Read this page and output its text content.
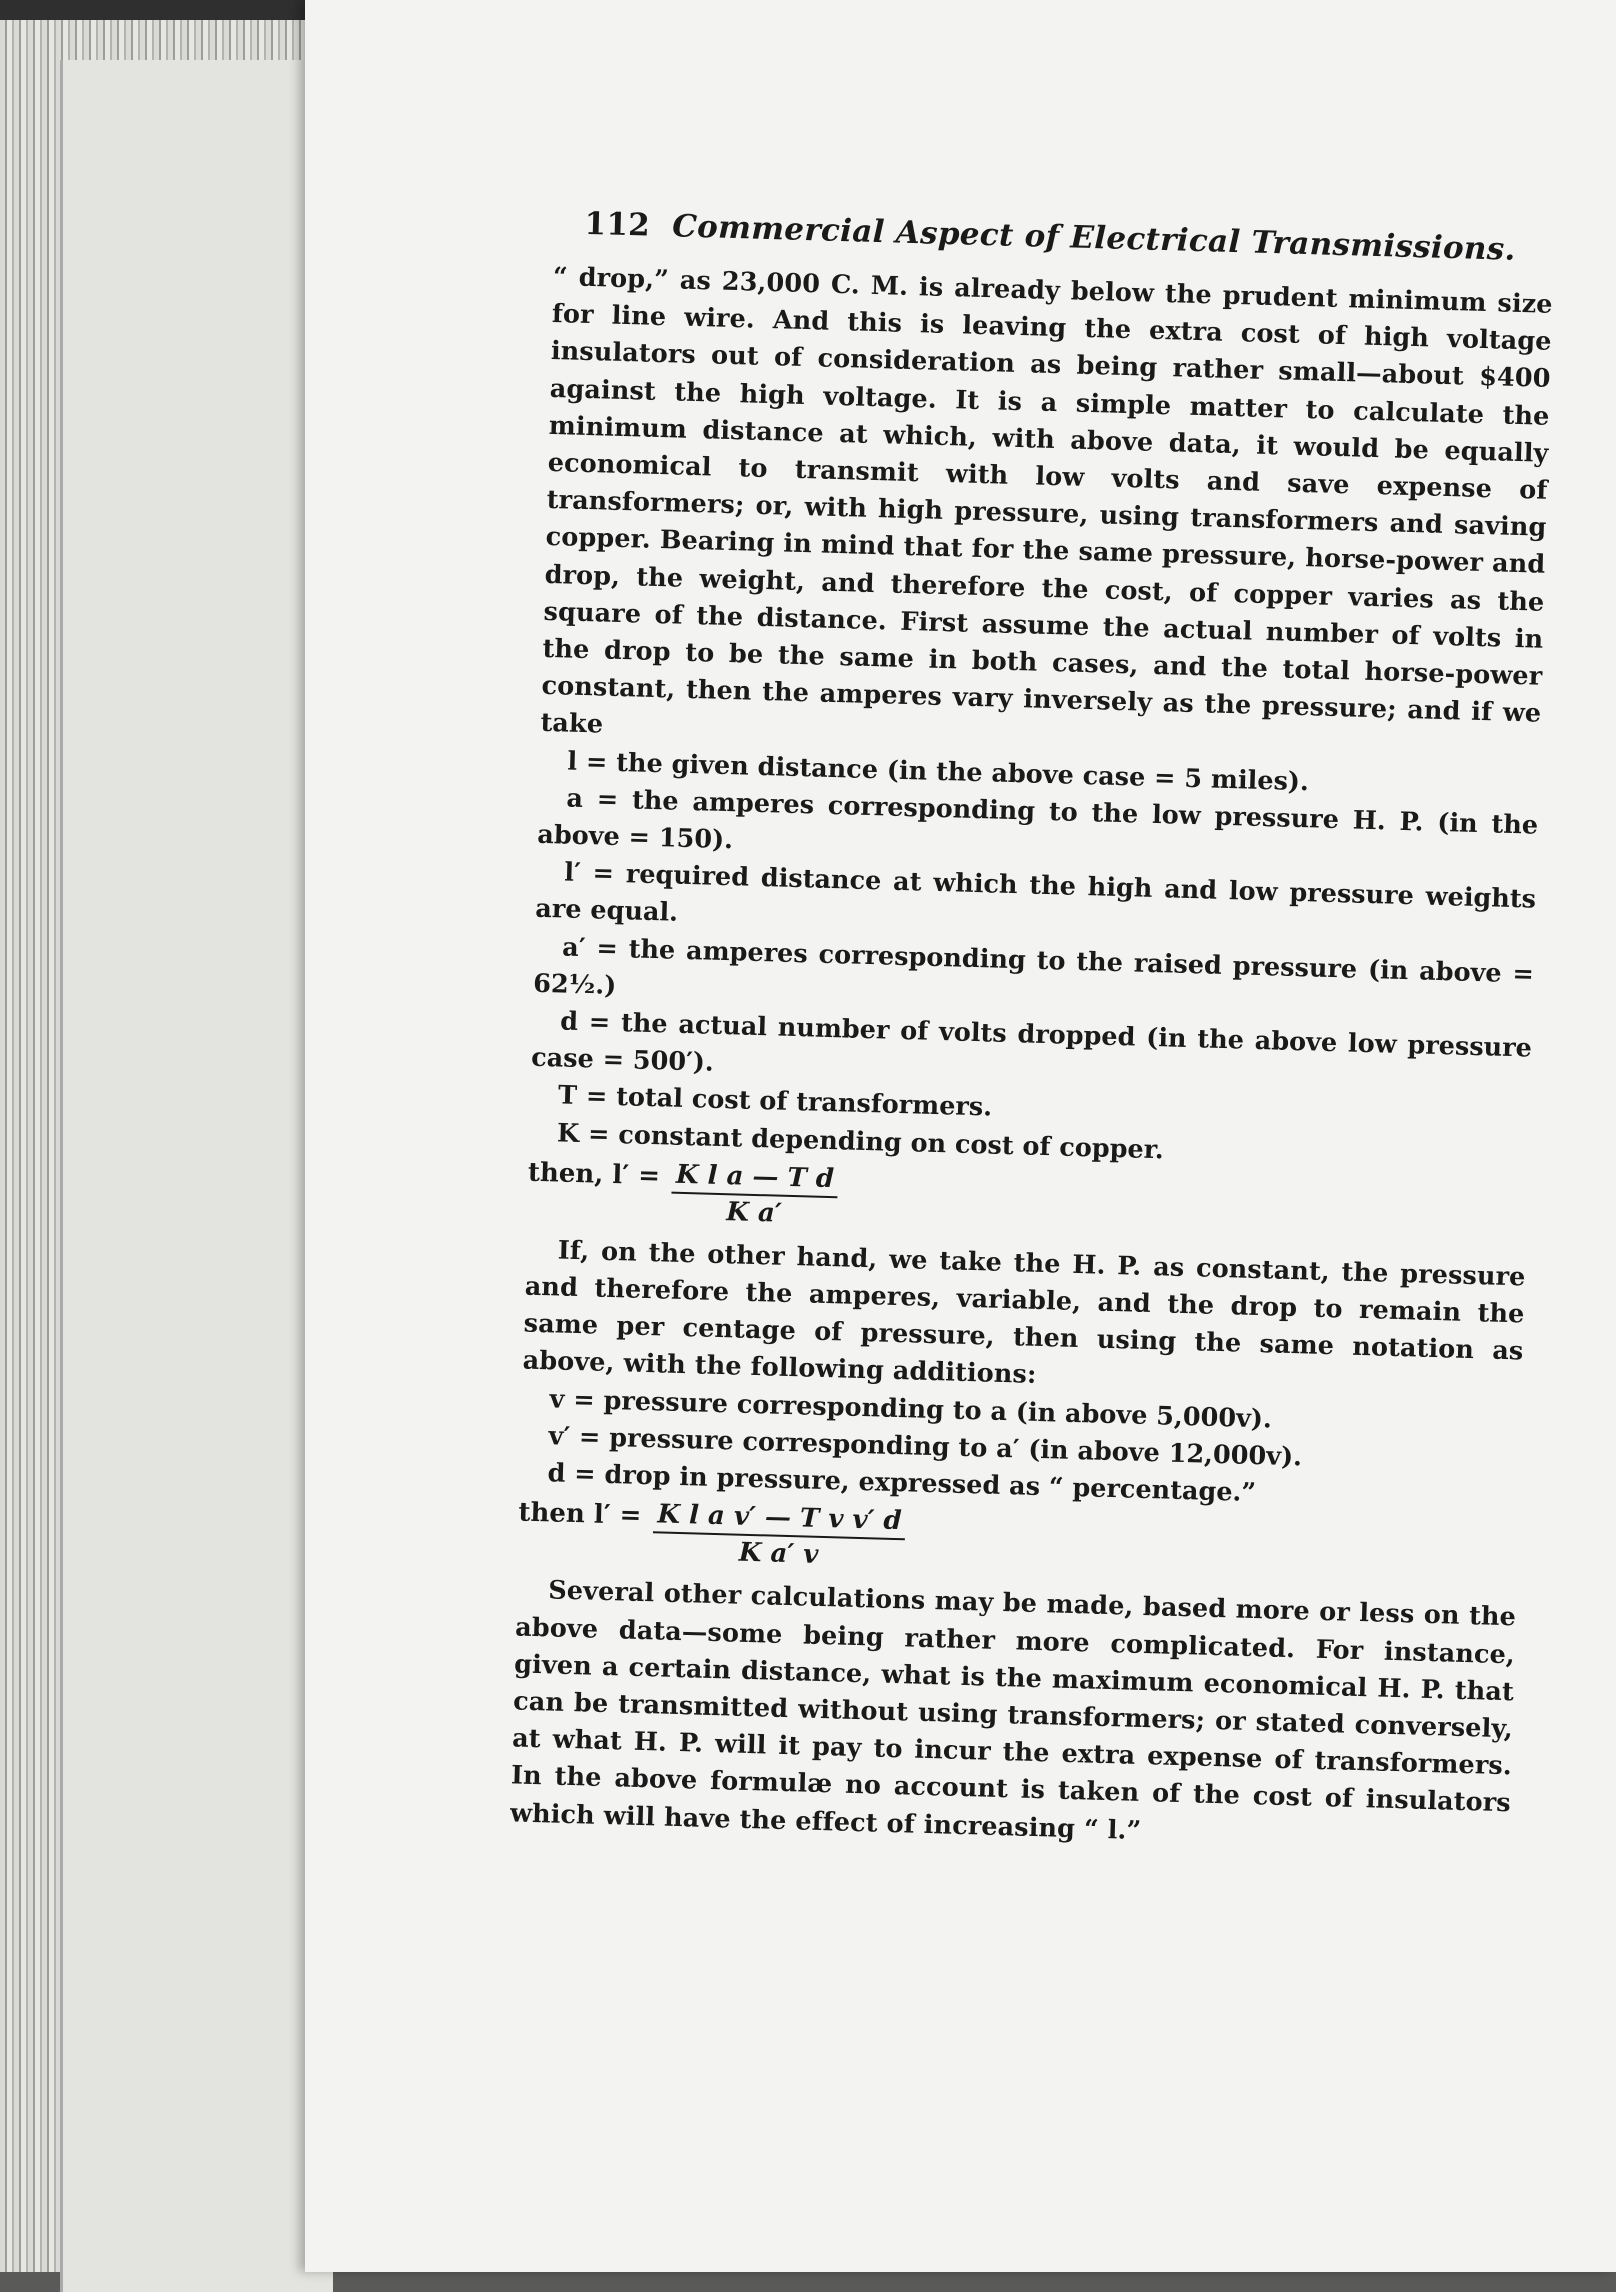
112 Commercial Aspect of Electrical Transmissions.

“ drop,” as 23,000 C. M. is already below the prudent minimum size for line wire. And this is leaving the extra cost of high voltage insulators out of consideration as being rather small—about $400 against the high voltage. It is a simple matter to calculate the minimum distance at which, with above data, it would be equally economical to transmit with low volts and save expense of transformers; or, with high pressure, using transformers and saving copper. Bearing in mind that for the same pressure, horse-power and drop, the weight, and therefore the cost, of copper varies as the square of the distance. First assume the actual number of volts in the drop to be the same in both cases, and the total horse-power constant, then the amperes vary inversely as the pressure; and if we take

l = the given distance (in the above case = 5 miles).

a = the amperes corresponding to the low pressure H. P. (in the above = 150).

l′ = required distance at which the high and low pressure weights are equal.

a′ = the amperes corresponding to the raised pressure (in above = 62½.)

d = the actual number of volts dropped (in the above low pressure case = 500′).

T = total cost of transformers.

K = constant depending on cost of copper.

then, $l' = \frac{\text{K l a — T d}}{\text{K a′}}$

If, on the other hand, we take the H. P. as constant, the pressure and therefore the amperes, variable, and the drop to remain the same per centage of pressure, then using the same notation as above, with the following additions:

v = pressure corresponding to a (in above 5,000v).

v′ = pressure corresponding to a′ (in above 12,000v).

d = drop in pressure, expressed as “ percentage.”

then $l' = \frac{\text{K l a v′ — T v v′ d}}{\text{K a′ v}}$

Several other calculations may be made, based more or less on the above data—some being rather more complicated. For instance, given a certain distance, what is the maximum economical H. P. that can be transmitted without using transformers; or stated conversely, at what H. P. will it pay to incur the extra expense of transformers. In the above formulæ no account is taken of the cost of insulators which will have the effect of increasing “ l.”
